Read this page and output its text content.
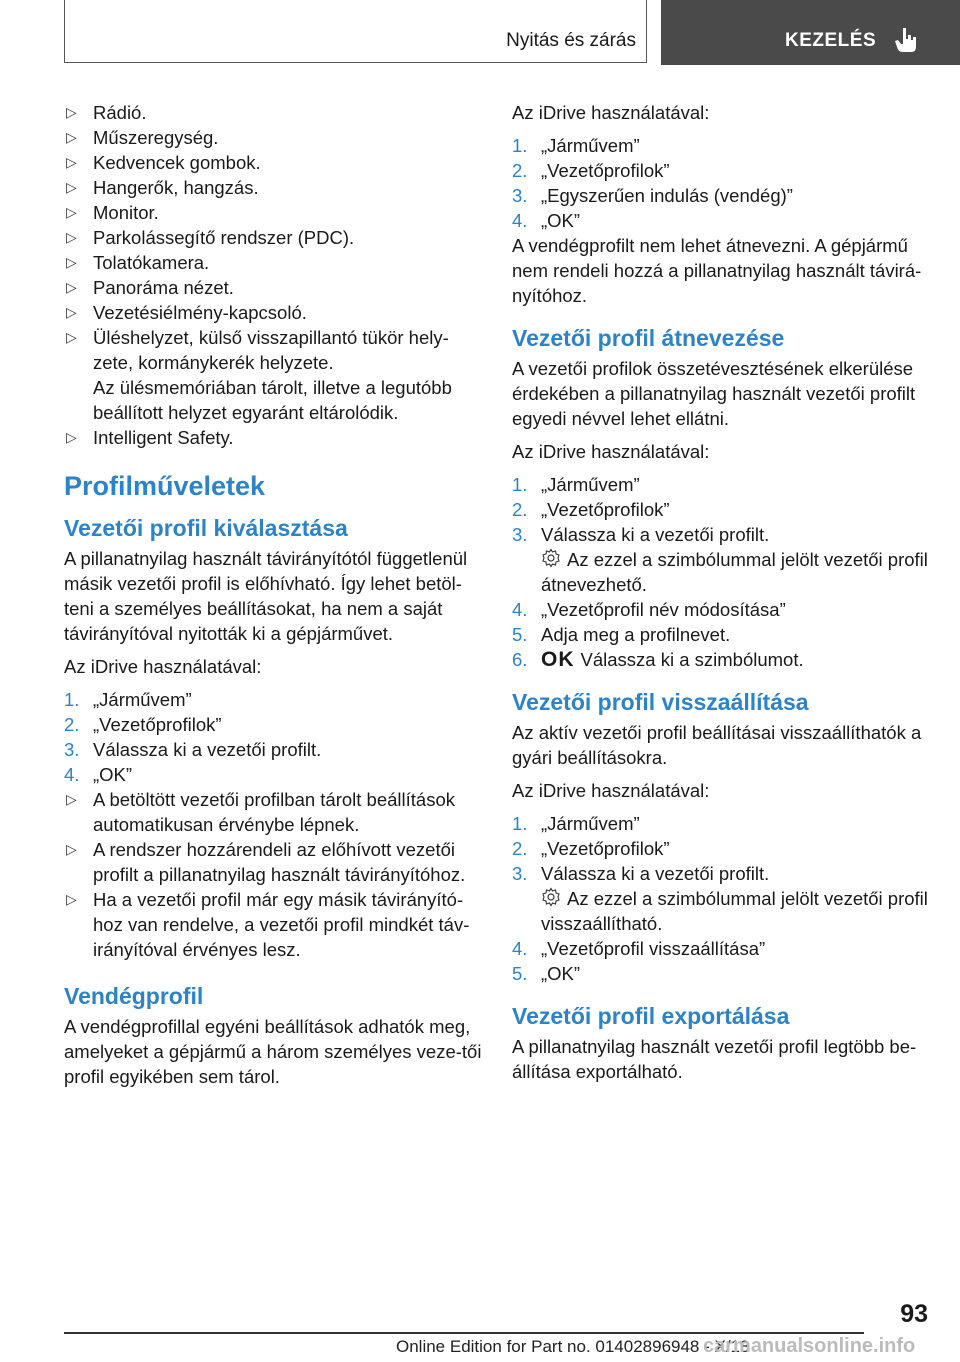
Nyitás és zárás	KEZELÉS

▷ Rádió.

▷ Műszeregység.

▷ Kedvencek gombok.

▷ Hangerők, hangzás.

▷ Monitor.

▷ Parkolássegítő rendszer (PDC).

▷ Tolatókamera.

▷ Panoráma nézet.

▷ Vezetésiélmény-kapcsoló.

▷ Üléshelyzet, külső visszapillantó tükör hely-zete, kormánykerék helyzete.

Az ülésmemóriában tárolt, illetve a legutóbb beállított helyzet egyaránt eltárolódik.

▷ Intelligent Safety.

Profilműveletek

Vezetői profil kiválasztása

A pillanatnyilag használt távirányítótól függetlenül másik vezetői profil is előhívható. Így lehet betöl-teni a személyes beállításokat, ha nem a saját távirányítóval nyitották ki a gépjárművet.

Az iDrive használatával:

1. „Járművem”

2. „Vezetőprofilok”

3. Válassza ki a vezetői profilt.

4. „OK”

▷ A betöltött vezetői profilban tárolt beállítások automatikusan érvénybe lépnek.

▷ A rendszer hozzárendeli az előhívott vezetői profilt a pillanatnyilag használt távirányítóhoz.

▷ Ha a vezetői profil már egy másik távirányító-hoz van rendelve, a vezetői profil mindkét táv-irányítóval érvényes lesz.

Vendégprofil

A vendégprofillal egyéni beállítások adhatók meg, amelyeket a gépjármű a három személyes veze-tői profil egyikében sem tárol.

Az iDrive használatával:

1. „Járművem”

2. „Vezetőprofilok”

3. „Egyszerűen indulás (vendég)”

4. „OK”

A vendégprofilt nem lehet átnevezni. A gépjármű nem rendeli hozzá a pillanatnyilag használt távirá-nyítóhoz.

Vezetői profil átnevezése

A vezetői profilok összetévesztésének elkerülése érdekében a pillanatnyilag használt vezetői profilt egyedi névvel lehet ellátni.

Az iDrive használatával:

1. „Járművem”

2. „Vezetőprofilok”

3. Válassza ki a vezetői profilt.

Az ezzel a szimbólummal jelölt vezetői profil átnevezhető.

4. „Vezetőprofil név módosítása”

5. Adja meg a profilnevet.

6. OK Válassza ki a szimbólumot.

Vezetői profil visszaállítása

Az aktív vezetői profil beállításai visszaállíthatók a gyári beállításokra.

Az iDrive használatával:

1. „Járművem”

2. „Vezetőprofilok”

3. Válassza ki a vezetői profilt.

Az ezzel a szimbólummal jelölt vezetői profil visszaállítható.

4. „Vezetőprofil visszaállítása”

5. „OK”

Vezetői profil exportálása

A pillanatnyilag használt vezetői profil legtöbb be-állítása exportálható.

93
Online Edition for Part no. 01402896948 - X/18
carmanualsonline.info
